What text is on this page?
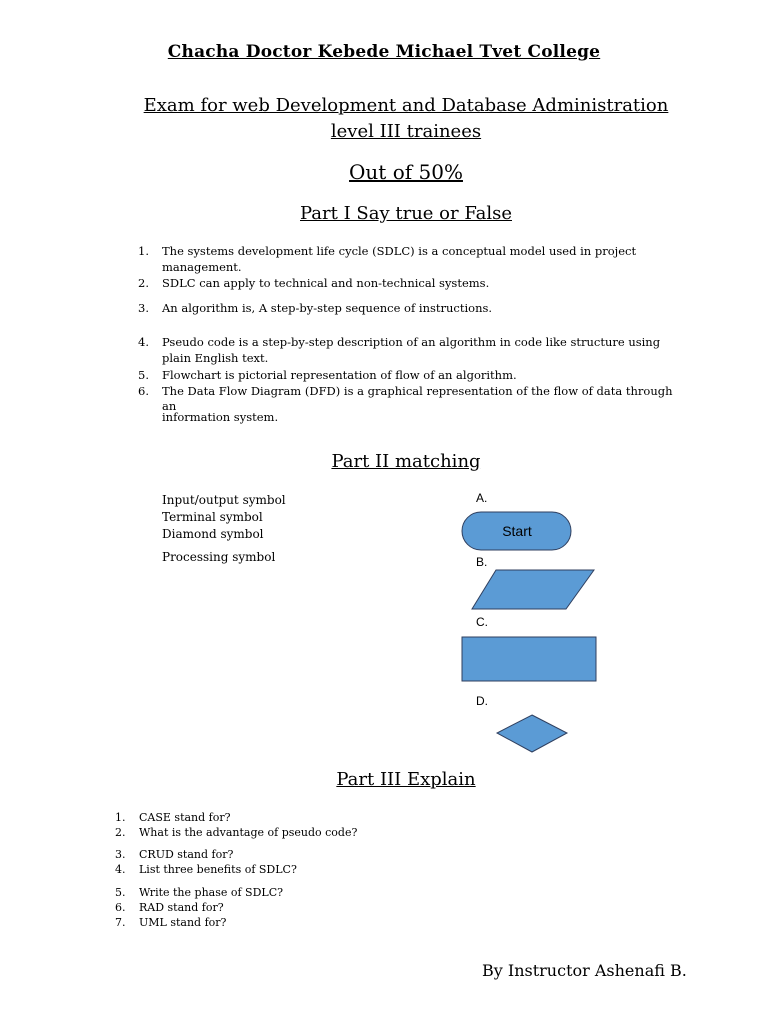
Chacha Doctor Kebede Michael Tvet College
Exam for web Development and Database Administration
level III trainees
Out of 50%
Part I Say true or False
1.	The systems development life cycle (SDLC) is a conceptual model used in project
management.
2.	SDLC can apply to technical and non-technical systems.
3.	An algorithm is, A step-by-step sequence of instructions.
4.	Pseudo code is a step-by-step description of an algorithm in code like structure using
plain English text.
5.	Flowchart is pictorial representation of flow of an algorithm.
6.	The Data Flow Diagram (DFD) is a graphical representation of the flow of data through an
information system.
Part II matching
Input/output symbol
Terminal symbol
Diamond symbol
Processing symbol
A.
B.
C.
D.
Start
Part III Explain
1.	CASE stand for?
2.	What is the advantage of pseudo code?
3.	CRUD stand for?
4.	List three benefits of SDLC?
5.	Write the phase of SDLC?
6.	RAD stand for?
7.	UML stand for?
By Instructor Ashenafi B.
